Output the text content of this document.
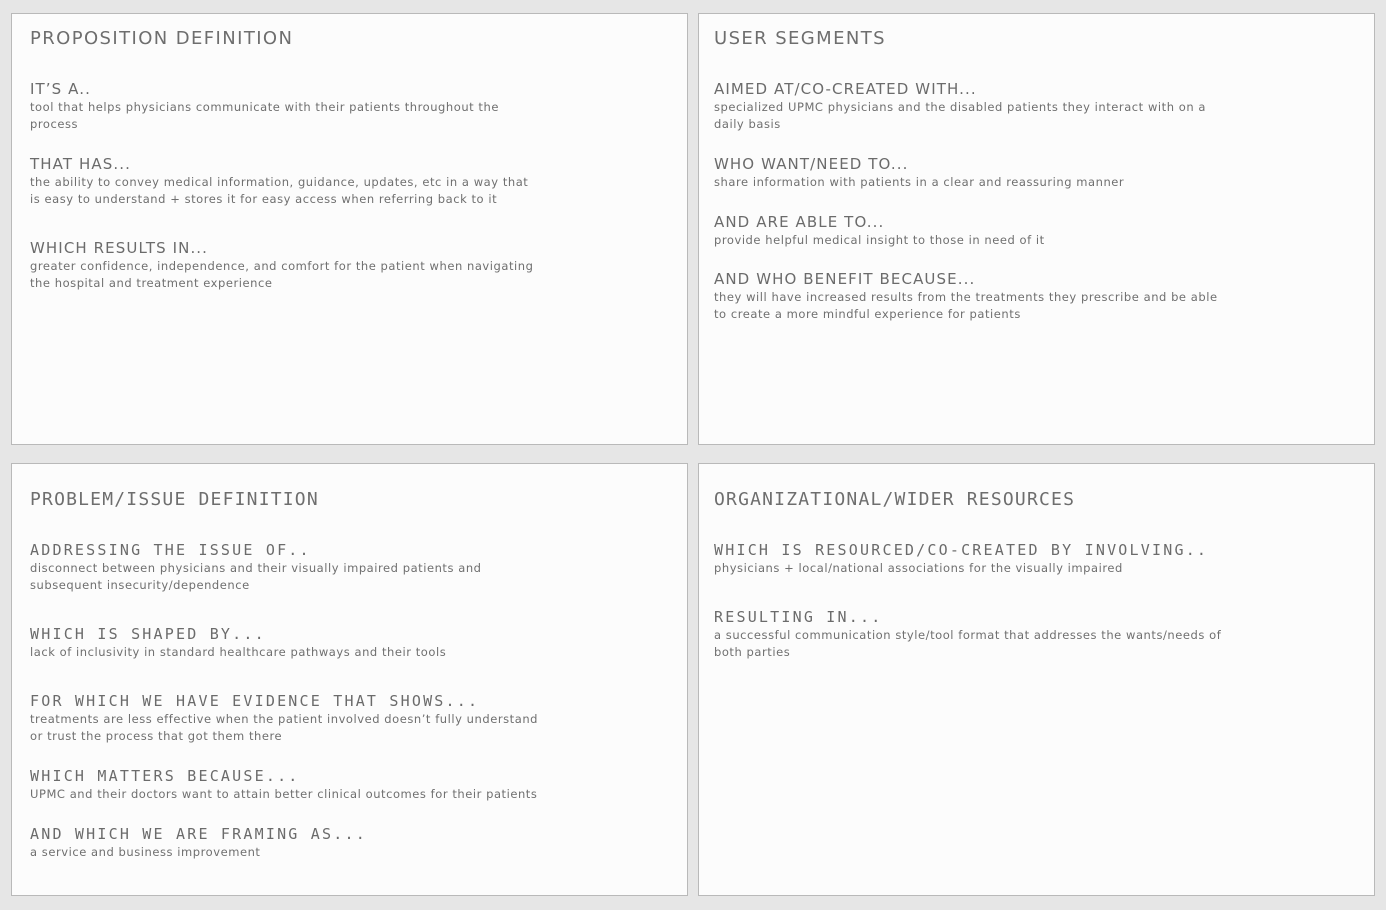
PROPOSITION DEFINITION
IT’S A..
tool that helps physicians communicate with their patients throughout the process
THAT HAS...
the ability to convey medical information, guidance, updates, etc in a way that is easy to understand + stores it for easy access when referring back to it
WHICH RESULTS IN...
greater confidence, independence, and comfort for the patient when navigating the hospital and treatment experience
USER SEGMENTS
AIMED AT/CO-CREATED WITH...
specialized UPMC physicians and the disabled patients they interact with on a daily basis
WHO WANT/NEED TO...
share information with patients in a clear and reassuring manner
AND ARE ABLE TO...
provide helpful medical insight to those in need of it
AND WHO BENEFIT BECAUSE...
they will have increased results from the treatments they prescribe and be able to create a more mindful experience for patients
PROBLEM/ISSUE DEFINITION
ADDRESSING THE ISSUE OF..
disconnect between physicians and their visually impaired patients and subsequent insecurity/dependence
WHICH IS SHAPED BY...
lack of inclusivity in standard healthcare pathways and their tools
FOR WHICH WE HAVE EVIDENCE THAT SHOWS...
treatments are less effective when the patient involved doesn’t fully understand or trust the process that got them there
WHICH MATTERS BECAUSE...
UPMC and their doctors want to attain better clinical outcomes for their patients
AND WHICH WE ARE FRAMING AS...
a service and business improvement
ORGANIZATIONAL/WIDER RESOURCES
WHICH IS RESOURCED/CO-CREATED BY INVOLVING..
physicians + local/national associations for the visually impaired
RESULTING IN...
a successful communication style/tool format that addresses the wants/needs of both parties
